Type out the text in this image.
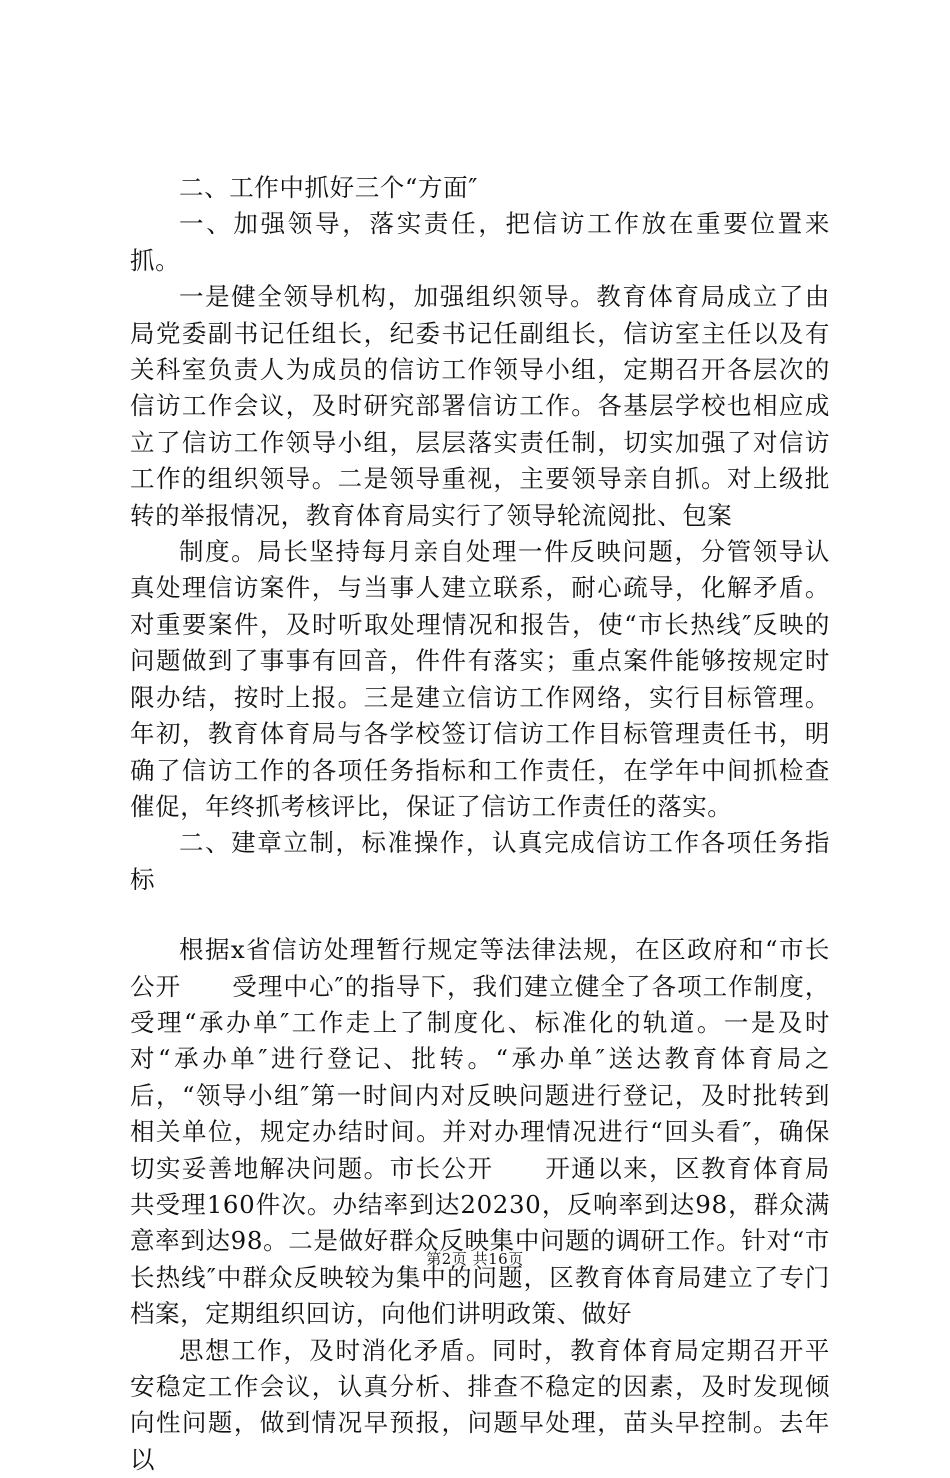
二、工作中抓好三个“方面″

一、加强领导，落实责任，把信访工作放在重要位置来抓。

一是健全领导机构，加强组织领导。教育体育局成立了由局党委副书记任组长，纪委书记任副组长，信访室主任以及有关科室负责人为成员的信访工作领导小组，定期召开各层次的信访工作会议，及时研究部署信访工作。各基层学校也相应成立了信访工作领导小组，层层落实责任制，切实加强了对信访工作的组织领导。二是领导重视，主要领导亲自抓。对上级批转的举报情况，教育体育局实行了领导轮流阅批、包案

制度。局长坚持每月亲自处理一件反映问题，分管领导认真处理信访案件，与当事人建立联系，耐心疏导，化解矛盾。对重要案件，及时听取处理情况和报告，使“市长热线″反映的问题做到了事事有回音，件件有落实；重点案件能够按规定时限办结，按时上报。三是建立信访工作网络，实行目标管理。年初，教育体育局与各学校签订信访工作目标管理责任书，明确了信访工作的各项任务指标和工作责任，在学年中间抓检查催促，年终抓考核评比，保证了信访工作责任的落实。

二、建章立制，标准操作，认真完成信访工作各项任务指标

根据x省信访处理暂行规定等法律法规，在区政府和“市长公开　　受理中心″的指导下，我们建立健全了各项工作制度，受理“承办单″工作走上了制度化、标准化的轨道。一是及时对“承办单″进行登记、批转。“承办单″送达教育体育局之后，“领导小组″第一时间内对反映问题进行登记，及时批转到相关单位，规定办结时间。并对办理情况进行“回头看″，确保切实妥善地解决问题。市长公开　　开通以来，区教育体育局共受理160件次。办结率到达20230，反响率到达98，群众满意率到达98。二是做好群众反映集中问题的调研工作。针对“市长热线″中群众反映较为集中的问题，区教育体育局建立了专门档案，定期组织回访，向他们讲明政策、做好

思想工作，及时消化矛盾。同时，教育体育局定期召开平安稳定工作会议，认真分析、排查不稳定的因素，及时发现倾向性问题，做到情况早预报，问题早处理，苗头早控制。去年以

第2页 共16页
